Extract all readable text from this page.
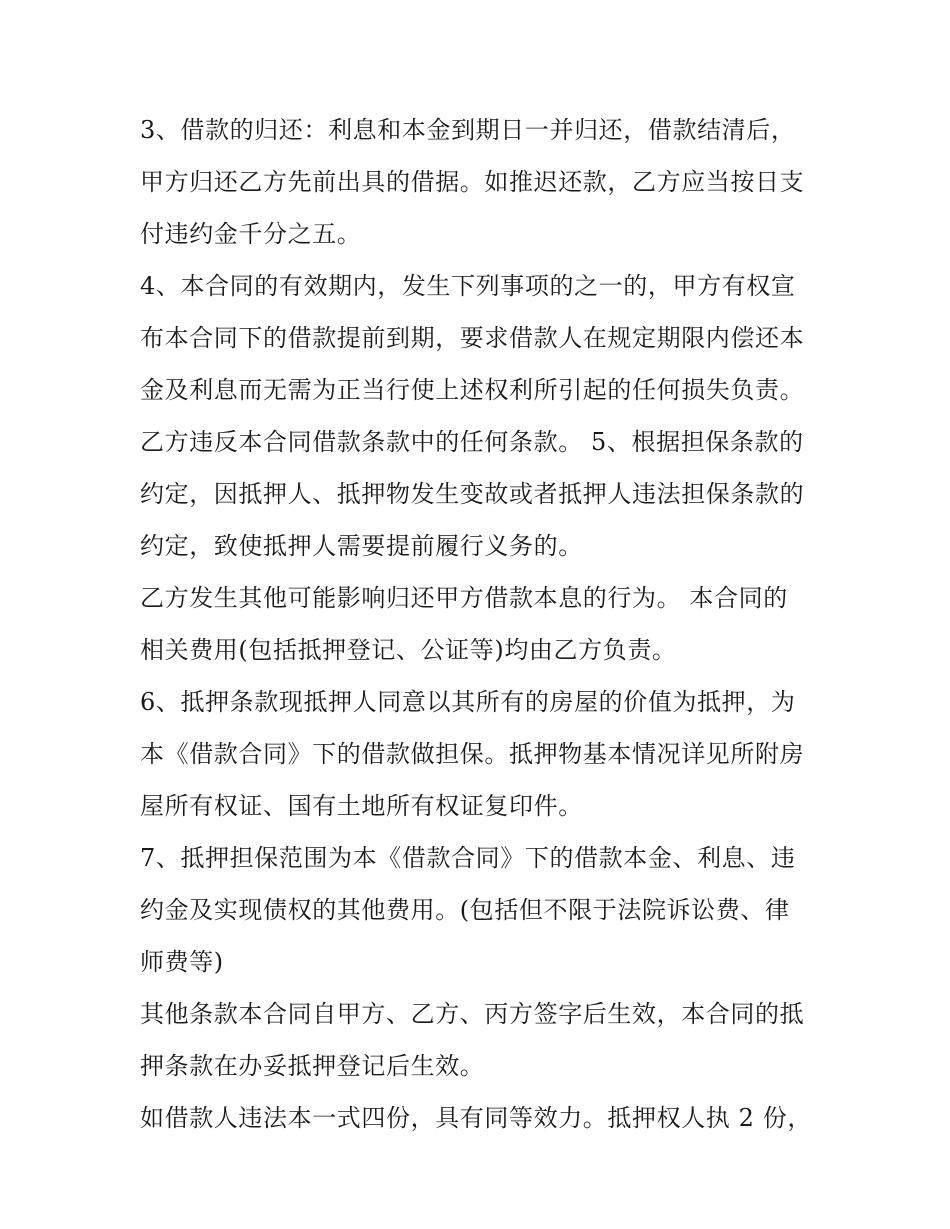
3、借款的归还：利息和本金到期日一并归还，借款结清后，
甲方归还乙方先前出具的借据。如推迟还款，乙方应当按日支
付违约金千分之五。
4、本合同的有效期内，发生下列事项的之一的，甲方有权宣
布本合同下的借款提前到期，要求借款人在规定期限内偿还本
金及利息而无需为正当行使上述权利所引起的任何损失负责。
乙方违反本合同借款条款中的任何条款。 5、根据担保条款的
约定，因抵押人、抵押物发生变故或者抵押人违法担保条款的
约定，致使抵押人需要提前履行义务的。
乙方发生其他可能影响归还甲方借款本息的行为。 本合同的
相关费用(包括抵押登记、公证等)均由乙方负责。
6、抵押条款现抵押人同意以其所有的房屋的价值为抵押，为
本《借款合同》下的借款做担保。抵押物基本情况详见所附房
屋所有权证、国有土地所有权证复印件。
7、抵押担保范围为本《借款合同》下的借款本金、利息、违
约金及实现债权的其他费用。(包括但不限于法院诉讼费、律
师费等)
其他条款本合同自甲方、乙方、丙方签字后生效，本合同的抵
押条款在办妥抵押登记后生效。
如借款人违法本一式四份，具有同等效力。抵押权人执 2 份，
